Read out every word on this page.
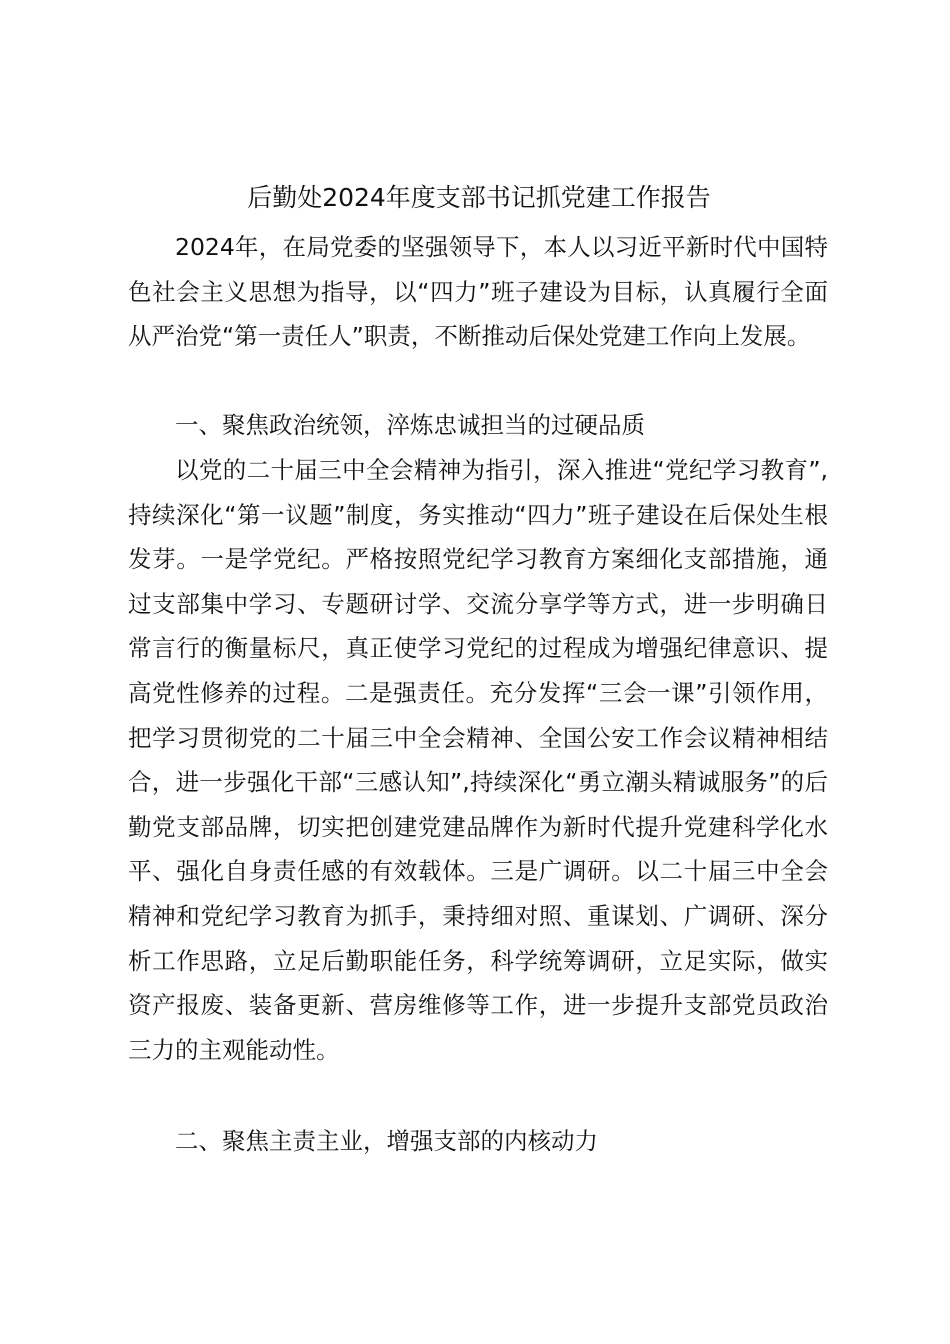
后勤处2024年度支部书记抓党建工作报告

2024年，在局党委的坚强领导下，本人以习近平新时代中国特色社会主义思想为指导，以“四力”班子建设为目标，认真履行全面从严治党“第一责任人”职责，不断推动后保处党建工作向上发展。

一、聚焦政治统领，淬炼忠诚担当的过硬品质

以党的二十届三中全会精神为指引，深入推进“党纪学习教育”,持续深化“第一议题”制度，务实推动“四力”班子建设在后保处生根发芽。一是学党纪。严格按照党纪学习教育方案细化支部措施，通过支部集中学习、专题研讨学、交流分享学等方式，进一步明确日常言行的衡量标尺，真正使学习党纪的过程成为增强纪律意识、提高党性修养的过程。二是强责任。充分发挥“三会一课”引领作用，把学习贯彻党的二十届三中全会精神、全国公安工作会议精神相结合，进一步强化干部“三感认知”,持续深化“勇立潮头精诚服务”的后勤党支部品牌，切实把创建党建品牌作为新时代提升党建科学化水平、强化自身责任感的有效载体。三是广调研。以二十届三中全会精神和党纪学习教育为抓手，秉持细对照、重谋划、广调研、深分析工作思路，立足后勤职能任务，科学统筹调研，立足实际，做实资产报废、装备更新、营房维修等工作，进一步提升支部党员政治三力的主观能动性。

二、聚焦主责主业，增强支部的内核动力
